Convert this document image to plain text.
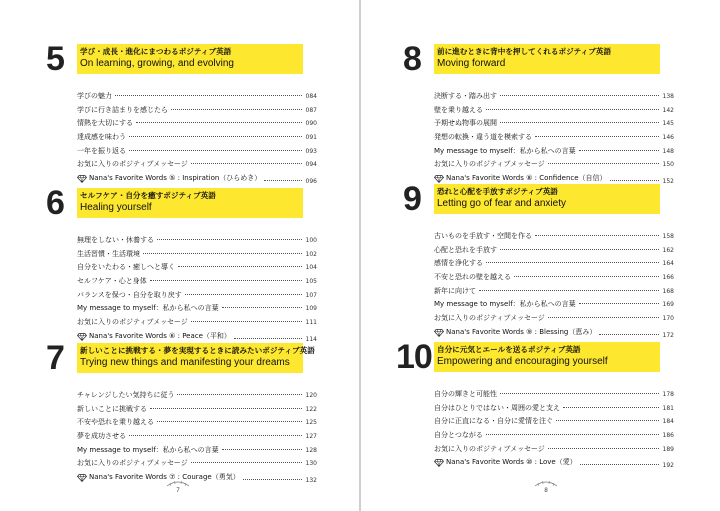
5 学び・成長・進化にまつわるポジティブ英語
On learning, growing, and evolving
学びの魅力	084
学びに行き詰まりを感じたら	087
情熱を大切にする	090
達成感を味わう	091
一年を振り返る	093
お気に入りのポジティブメッセージ	094
Nana's Favorite Words ⑤ : Inspiration（ひらめき）	096
6 セルフケア・自分を癒すポジティブ英語
Healing yourself
無理をしない・休養する	100
生活習慣・生活環境	102
自分をいたわる・癒しへと導く	104
セルフケア・心と身体	105
バランスを保つ・自分を取り戻す	107
My message to myself：私から私への言葉	109
お気に入りのポジティブメッセージ	111
Nana's Favorite Words ⑥ : Peace（平和）	114
7 新しいことに挑戦する・夢を実現するときに読みたいポジティブ英語
Trying new things and manifesting your dreams
チャレンジしたい気持ちに従う	120
新しいことに挑戦する	122
不安や恐れを乗り越える	125
夢を成功させる	127
My message to myself：私から私への言葉	128
お気に入りのポジティブメッセージ	130
Nana's Favorite Words ⑦ : Courage（勇気）	132
7
8 前に進むときに背中を押してくれるポジティブ英語
Moving forward
決断する・踏み出す	138
壁を乗り越える	142
予期せぬ物事の展開	145
発想の転換・違う道を模索する	146
My message to myself：私から私への言葉	148
お気に入りのポジティブメッセージ	150
Nana's Favorite Words ⑧ : Confidence（自信）	152
9 恐れと心配を手放すポジティブ英語
Letting go of fear and anxiety
古いものを手放す・空間を作る	158
心配と恐れを手放す	162
感情を浄化する	164
不安と恐れの壁を越える	166
新年に向けて	168
My message to myself：私から私への言葉	169
お気に入りのポジティブメッセージ	170
Nana's Favorite Words ⑨ : Blessing（恵み）	172
10 自分に元気とエールを送るポジティブ英語
Empowering and encouraging yourself
自分の輝きと可能性	178
自分はひとりではない・周囲の愛と支え	181
自分に正直になる・自分に愛情を注ぐ	184
自分とつながる	186
お気に入りのポジティブメッセージ	189
Nana's Favorite Words ⑩ : Love（愛）	192
8
